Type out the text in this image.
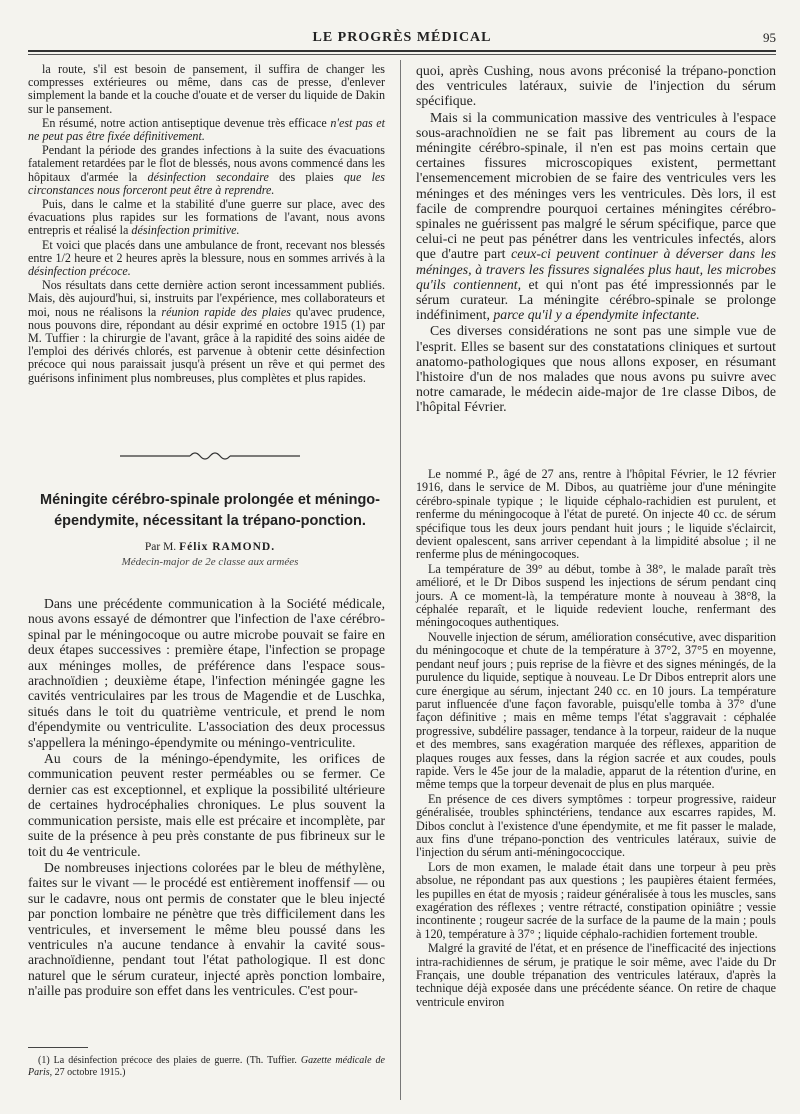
LE PROGRÈS MÉDICAL	95

la route, s'il est besoin de pansement, il suffira de changer les compresses extérieures ou même, dans cas de presse, d'enlever simplement la bande et la couche d'ouate et de verser du liquide de Dakin sur le pansement.

En résumé, notre action antiseptique devenue très efficace n'est pas et ne peut pas être fixée définitivement.

Pendant la période des grandes infections à la suite des évacuations fatalement retardées par le flot de blessés, nous avons commencé dans les hôpitaux d'armée la désinfection secondaire des plaies que les circonstances nous forceront peut être à reprendre.

Puis, dans le calme et la stabilité d'une guerre sur place, avec des évacuations plus rapides sur les formations de l'avant, nous avons entrepris et réalisé la désinfection primitive.

Et voici que placés dans une ambulance de front, recevant nos blessés entre 1/2 heure et 2 heures après la blessure, nous en sommes arrivés à la désinfection précoce.

Nos résultats dans cette dernière action seront incessamment publiés. Mais, dès aujourd'hui, si, instruits par l'expérience, mes collaborateurs et moi, nous ne réalisons la réunion rapide des plaies qu'avec prudence, nous pouvons dire, répondant au désir exprimé en octobre 1915 (1) par M. Tuffier : la chirurgie de l'avant, grâce à la rapidité des soins aidée de l'emploi des dérivés chlorés, est parvenue à obtenir cette désinfection précoce qui nous paraissait jusqu'à présent un rêve et qui permet des guérisons infiniment plus nombreuses, plus complètes et plus rapides.

Méningite cérébro-spinale prolongée et méningo-
épendymite, nécessitant la trépano-ponction.
Par M. Félix RAMOND.
Médecin-major de 2e classe aux armées

Dans une précédente communication à la Société médicale, nous avons essayé de démontrer que l'infection de l'axe cérébro-spinal par le méningocoque ou autre microbe pouvait se faire en deux étapes successives : première étape, l'infection se propage aux méninges molles, de préférence dans l'espace sous-arachnoïdien ; deuxième étape, l'infection méningée gagne les cavités ventriculaires par les trous de Magendie et de Luschka, situés dans le toit du quatrième ventricule, et prend le nom d'épendymite ou ventriculite. L'association des deux processus s'appellera la méningo-épendymite ou méningo-ventriculite.

Au cours de la méningo-épendymite, les orifices de communication peuvent rester perméables ou se fermer. Ce dernier cas est exceptionnel, et explique la possibilité ultérieure de certaines hydrocéphalies chroniques. Le plus souvent la communication persiste, mais elle est précaire et incomplète, par suite de la présence à peu près constante de pus fibrineux sur le toit du 4e ventricule.

De nombreuses injections colorées par le bleu de méthylène, faites sur le vivant — le procédé est entièrement inoffensif — ou sur le cadavre, nous ont permis de constater que le bleu injecté par ponction lombaire ne pénètre que très difficilement dans les ventricules, et inversement le même bleu poussé dans les ventricules n'a aucune tendance à envahir la cavité sous-arachnoïdienne, pendant tout l'état pathologique. Il est donc naturel que le sérum curateur, injecté après ponction lombaire, n'aille pas produire son effet dans les ventricules. C'est pour-

(1) La désinfection précoce des plaies de guerre. (Th. Tuffier. Gazette médicale de Paris, 27 octobre 1915.)

quoi, après Cushing, nous avons préconisé la trépano-ponction des ventricules latéraux, suivie de l'injection du sérum spécifique.

Mais si la communication massive des ventricules à l'espace sous-arachnoïdien ne se fait pas librement au cours de la méningite cérébro-spinale, il n'en est pas moins certain que certaines fissures microscopiques existent, permettant l'ensemencement microbien de se faire des ventricules vers les méninges et des méninges vers les ventricules. Dès lors, il est facile de comprendre pourquoi certaines méningites cérébro-spinales ne guérissent pas malgré le sérum spécifique, parce que celui-ci ne peut pas pénétrer dans les ventricules infectés, alors que d'autre part ceux-ci peuvent continuer à déverser dans les méninges, à travers les fissures signalées plus haut, les microbes qu'ils contiennent, et qui n'ont pas été impressionnés par le sérum curateur. La méningite cérébro-spinale se prolonge indéfiniment, parce qu'il y a épendymite infectante.

Ces diverses considérations ne sont pas une simple vue de l'esprit. Elles se basent sur des constatations cliniques et surtout anatomo-pathologiques que nous allons exposer, en résumant l'histoire d'un de nos malades que nous avons pu suivre avec notre camarade, le médecin aide-major de 1re classe Dibos, de l'hôpital Février.

Le nommé P., âgé de 27 ans, rentre à l'hôpital Février, le 12 février 1916, dans le service de M. Dibos, au quatrième jour d'une méningite cérébro-spinale typique ; le liquide céphalo-rachidien est purulent, et renferme du méningocoque à l'état de pureté. On injecte 40 cc. de sérum spécifique tous les deux jours pendant huit jours ; le liquide s'éclaircit, devient opalescent, sans arriver cependant à la limpidité absolue ; il ne renferme plus de méningocoques.

La température de 39° au début, tombe à 38°, le malade paraît très amélioré, et le Dr Dibos suspend les injections de sérum pendant cinq jours. A ce moment-là, la température monte à nouveau à 38°8, la céphalée reparaît, et le liquide redevient louche, renfermant des méningocoques authentiques.

Nouvelle injection de sérum, amélioration consécutive, avec disparition du méningocoque et chute de la température à 37°2, 37°5 en moyenne, pendant neuf jours ; puis reprise de la fièvre et des signes méningés, de la purulence du liquide, septique à nouveau. Le Dr Dibos entreprit alors une cure énergique au sérum, injectant 240 cc. en 10 jours. La température parut influencée d'une façon favorable, puisqu'elle tomba à 37° d'une façon définitive ; mais en même temps l'état s'aggravait : céphalée progressive, subdélire passager, tendance à la torpeur, raideur de la nuque et des membres, sans exagération marquée des réflexes, apparition de plaques rouges aux fesses, dans la région sacrée et aux coudes, pouls rapide. Vers le 45e jour de la maladie, apparut de la rétention d'urine, en même temps que la torpeur devenait de plus en plus marquée.

En présence de ces divers symptômes : torpeur progressive, raideur généralisée, troubles sphinctériens, tendance aux escarres rapides, M. Dibos conclut à l'existence d'une épendymite, et me fit passer le malade, aux fins d'une trépano-ponction des ventricules latéraux, suivie de l'injection du sérum anti-méningococcique.

Lors de mon examen, le malade était dans une torpeur à peu près absolue, ne répondant pas aux questions ; les paupières étaient fermées, les pupilles en état de myosis ; raideur généralisée à tous les muscles, sans exagération des réflexes ; ventre rétracté, constipation opiniâtre ; vessie incontinente ; rougeur sacrée de la surface de la paume de la main ; pouls à 120, température à 37° ; liquide céphalo-rachidien fortement trouble.

Malgré la gravité de l'état, et en présence de l'inefficacité des injections intra-rachidiennes de sérum, je pratique le soir même, avec l'aide du Dr Français, une double trépanation des ventricules latéraux, d'après la technique déjà exposée dans une précédente séance. On retire de chaque ventricule environ
